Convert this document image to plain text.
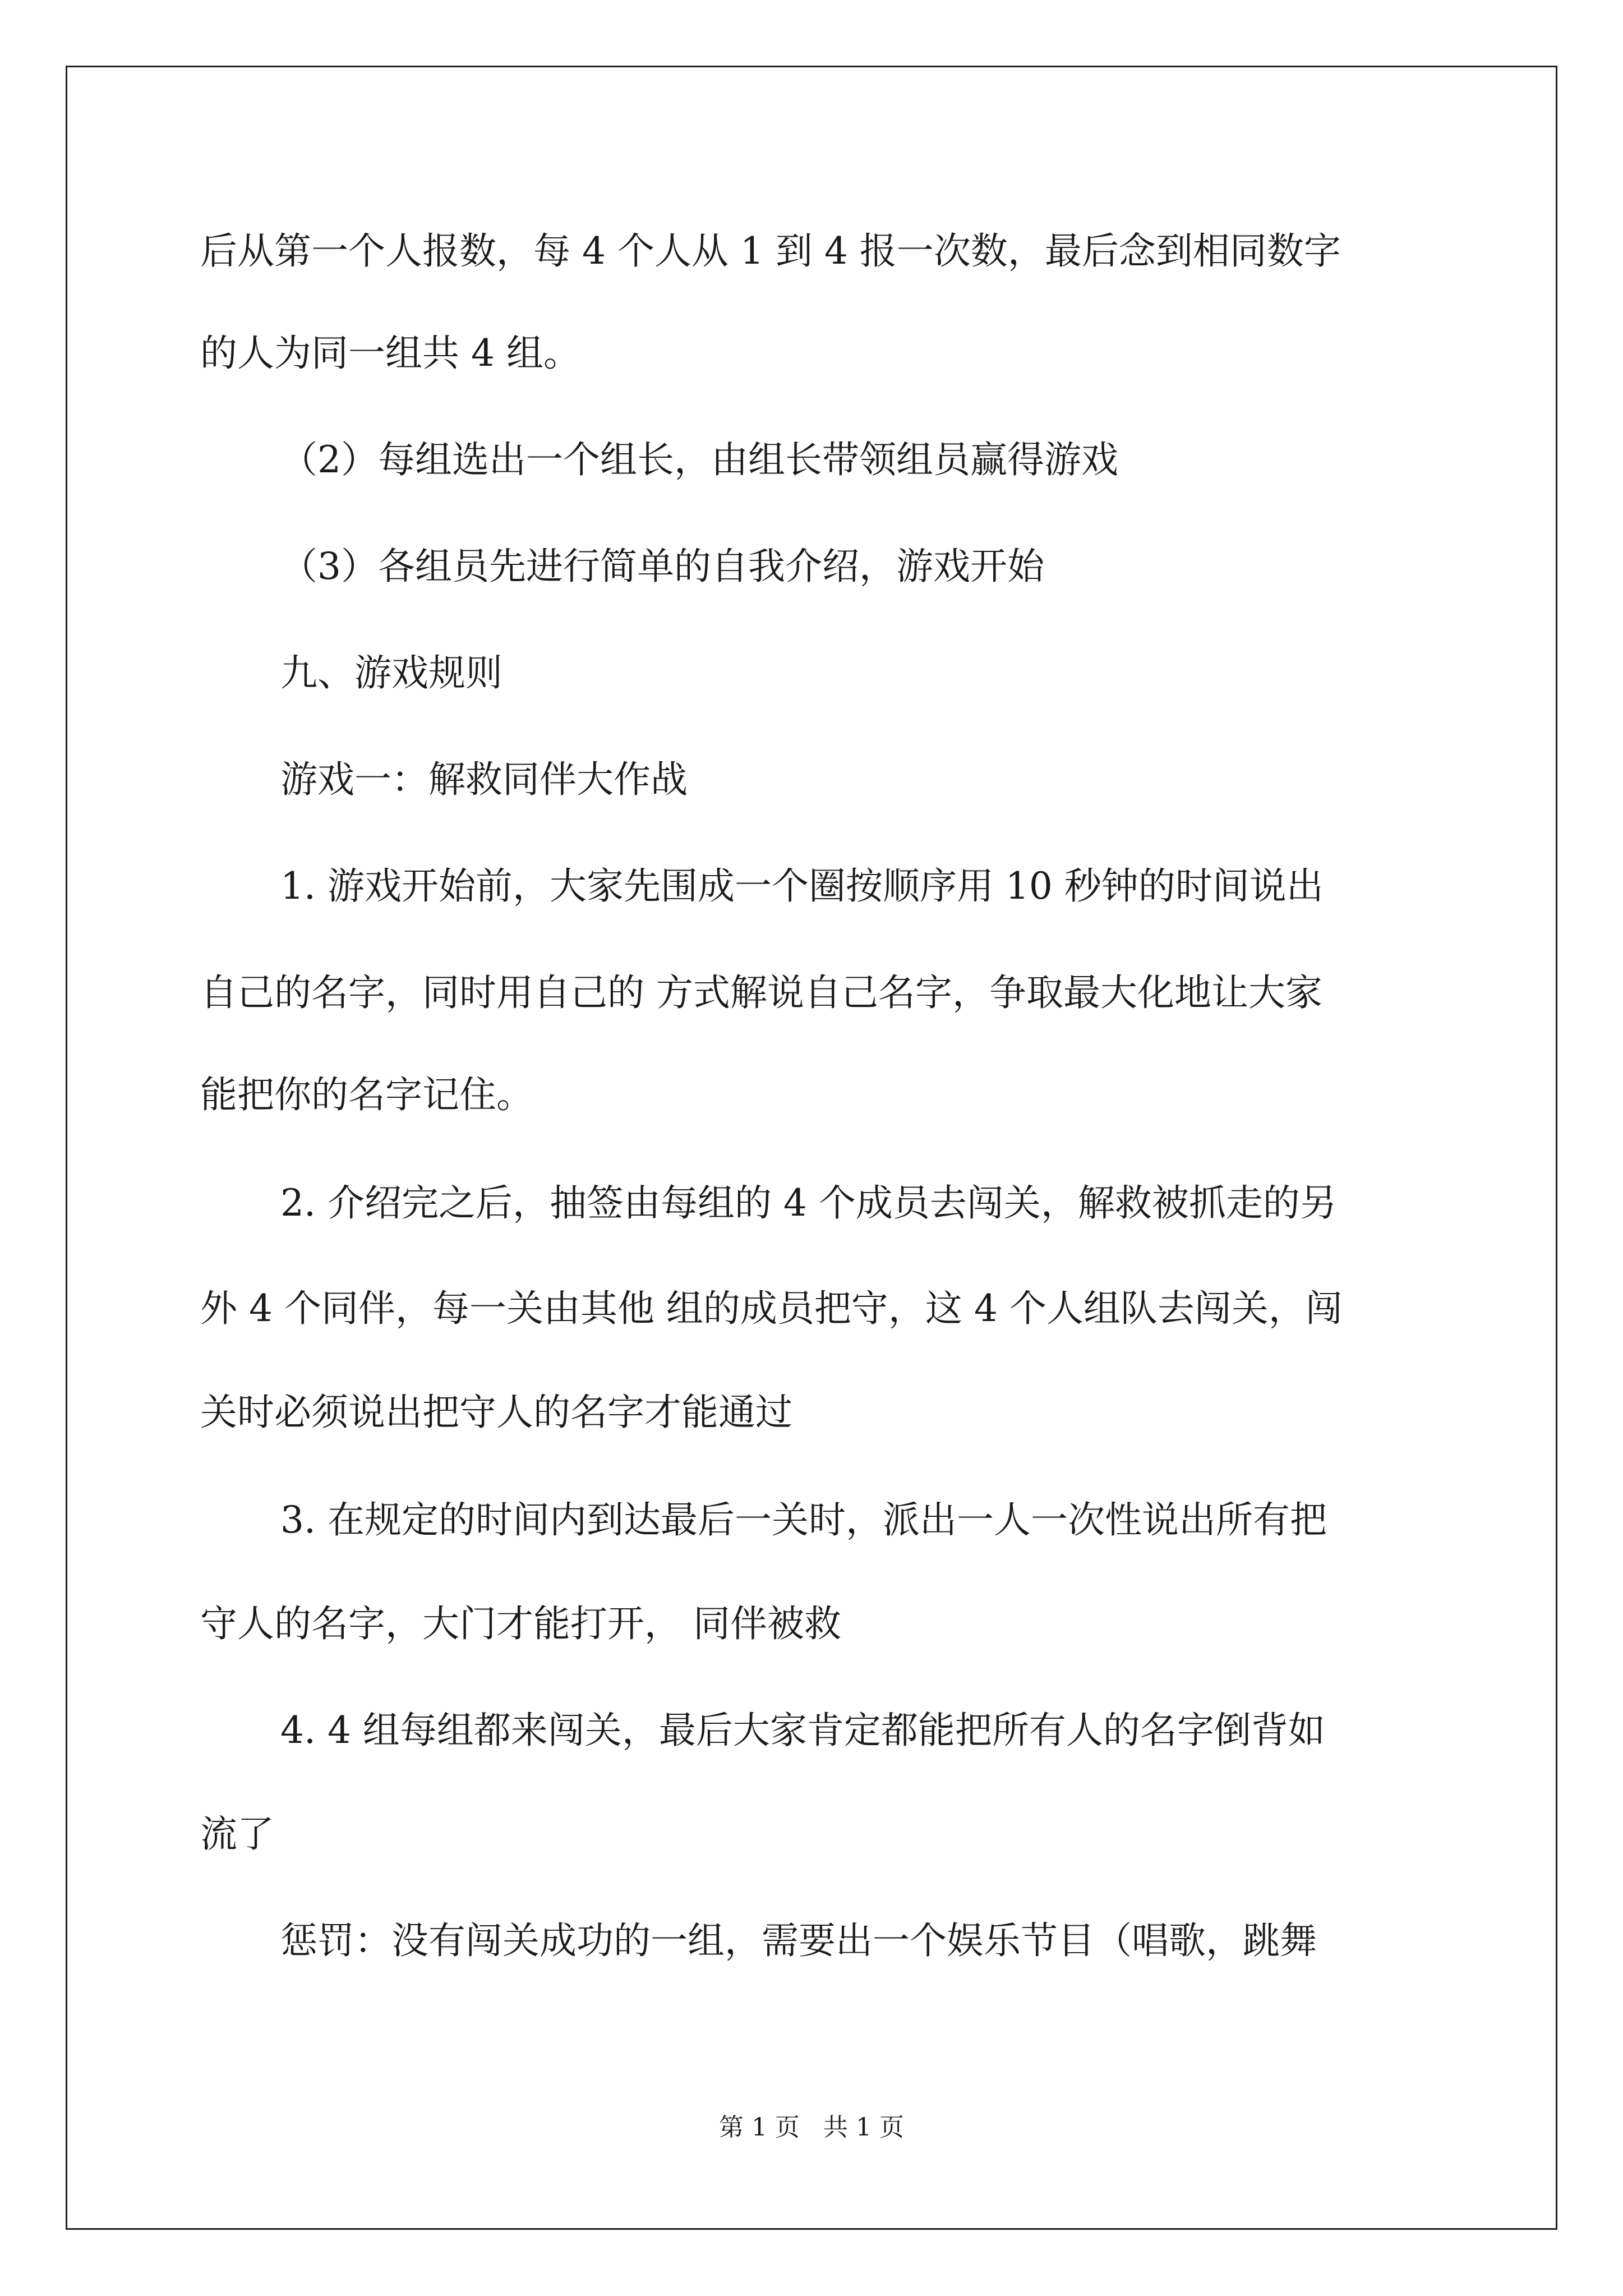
后从第一个人报数，每 4 个人从 1 到 4 报一次数，最后念到相同数字
的人为同一组共 4 组。
（2）每组选出一个组长，由组长带领组员赢得游戏
（3）各组员先进行简单的自我介绍，游戏开始
九、游戏规则
游戏一：解救同伴大作战
1. 游戏开始前，大家先围成一个圈按顺序用 10 秒钟的时间说出
自己的名字，同时用自己的 方式解说自己名字，争取最大化地让大家
能把你的名字记住。
2. 介绍完之后，抽签由每组的 4 个成员去闯关，解救被抓走的另
外 4 个同伴，每一关由其他 组的成员把守，这 4 个人组队去闯关，闯
关时必须说出把守人的名字才能通过
3. 在规定的时间内到达最后一关时，派出一人一次性说出所有把
守人的名字，大门才能打开， 同伴被救
4. 4 组每组都来闯关，最后大家肯定都能把所有人的名字倒背如
流了
惩罚：没有闯关成功的一组，需要出一个娱乐节目（唱歌，跳舞
第 1 页   共 1 页
